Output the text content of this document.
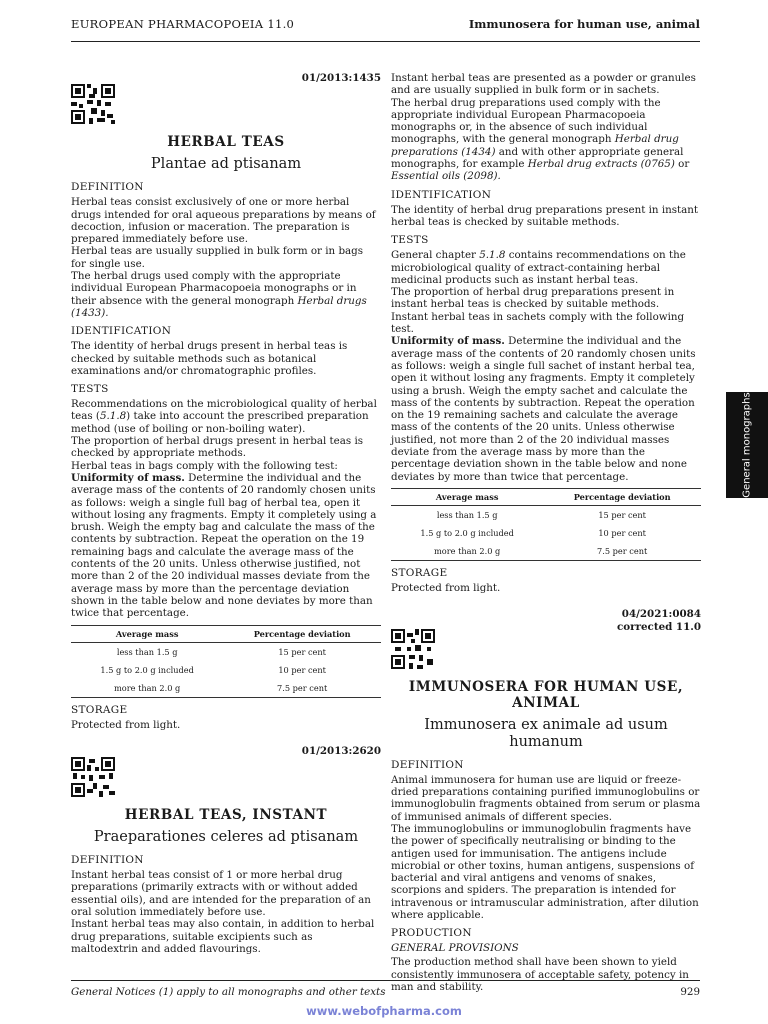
EUROPEAN PHARMACOPOEIA 11.0	Immunosera for human use, animal
General monographs
01/2013:1435
HERBAL TEAS
Plantae ad ptisanam
DEFINITION

Herbal teas consist exclusively of one or more herbal drugs intended for oral aqueous preparations by means of decoction, infusion or maceration. The preparation is prepared immediately before use.

Herbal teas are usually supplied in bulk form or in bags for single use.

The herbal drugs used comply with the appropriate individual European Pharmacopoeia monographs or in their absence with the general monograph Herbal drugs (1433).

IDENTIFICATION

The identity of herbal drugs present in herbal teas is checked by suitable methods such as botanical examinations and/or chromatographic profiles.

TESTS

Recommendations on the microbiological quality of herbal teas (5.1.8) take into account the prescribed preparation method (use of boiling or non-boiling water).

The proportion of herbal drugs present in herbal teas is checked by appropriate methods.

Herbal teas in bags comply with the following test:

Uniformity of mass. Determine the individual and the average mass of the contents of 20 randomly chosen units as follows: weigh a single full bag of herbal tea, open it without losing any fragments. Empty it completely using a brush. Weigh the empty bag and calculate the mass of the contents by subtraction. Repeat the operation on the 19 remaining bags and calculate the average mass of the contents of the 20 units. Unless otherwise justified, not more than 2 of the 20 individual masses deviate from the average mass by more than the percentage deviation shown in the table below and none deviates by more than twice that percentage.

Average mass	Percentage deviation
less than 1.5 g	15 per cent
1.5 g to 2.0 g included	10 per cent
more than 2.0 g	7.5 per cent
STORAGE

Protected from light.

01/2013:2620
HERBAL TEAS, INSTANT
Praeparationes celeres ad ptisanam
DEFINITION

Instant herbal teas consist of 1 or more herbal drug preparations (primarily extracts with or without added essential oils), and are intended for the preparation of an oral solution immediately before use.

Instant herbal teas may also contain, in addition to herbal drug preparations, suitable excipients such as maltodextrin and added flavourings.

Instant herbal teas are presented as a powder or granules and are usually supplied in bulk form or in sachets.

The herbal drug preparations used comply with the appropriate individual European Pharmacopoeia monographs or, in the absence of such individual monographs, with the general monograph Herbal drug preparations (1434) and with other appropriate general monographs, for example Herbal drug extracts (0765) or Essential oils (2098).

IDENTIFICATION

The identity of herbal drug preparations present in instant herbal teas is checked by suitable methods.

TESTS

General chapter 5.1.8 contains recommendations on the microbiological quality of extract-containing herbal medicinal products such as instant herbal teas.

The proportion of herbal drug preparations present in instant herbal teas is checked by suitable methods.

Instant herbal teas in sachets comply with the following test.

Uniformity of mass. Determine the individual and the average mass of the contents of 20 randomly chosen units as follows: weigh a single full sachet of instant herbal tea, open it without losing any fragments. Empty it completely using a brush. Weigh the empty sachet and calculate the mass of the contents by subtraction. Repeat the operation on the 19 remaining sachets and calculate the average mass of the contents of the 20 units. Unless otherwise justified, not more than 2 of the 20 individual masses deviate from the average mass by more than the percentage deviation shown in the table below and none deviates by more than twice that percentage.

Average mass	Percentage deviation
less than 1.5 g	15 per cent
1.5 g to 2.0 g included	10 per cent
more than 2.0 g	7.5 per cent
STORAGE

Protected from light.

04/2021:0084
corrected 11.0
IMMUNOSERA FOR HUMAN USE, ANIMAL
Immunosera ex animale ad usum humanum
DEFINITION

Animal immunosera for human use are liquid or freeze-dried preparations containing purified immunoglobulins or immunoglobulin fragments obtained from serum or plasma of immunised animals of different species.

The immunoglobulins or immunoglobulin fragments have the power of specifically neutralising or binding to the antigen used for immunisation. The antigens include microbial or other toxins, human antigens, suspensions of bacterial and viral antigens and venoms of snakes, scorpions and spiders. The preparation is intended for intravenous or intramuscular administration, after dilution where applicable.

PRODUCTION
GENERAL PROVISIONS

The production method shall have been shown to yield consistently immunosera of acceptable safety, potency in man and stability.

General Notices (1) apply to all monographs and other texts	929
www.webofpharma.com
